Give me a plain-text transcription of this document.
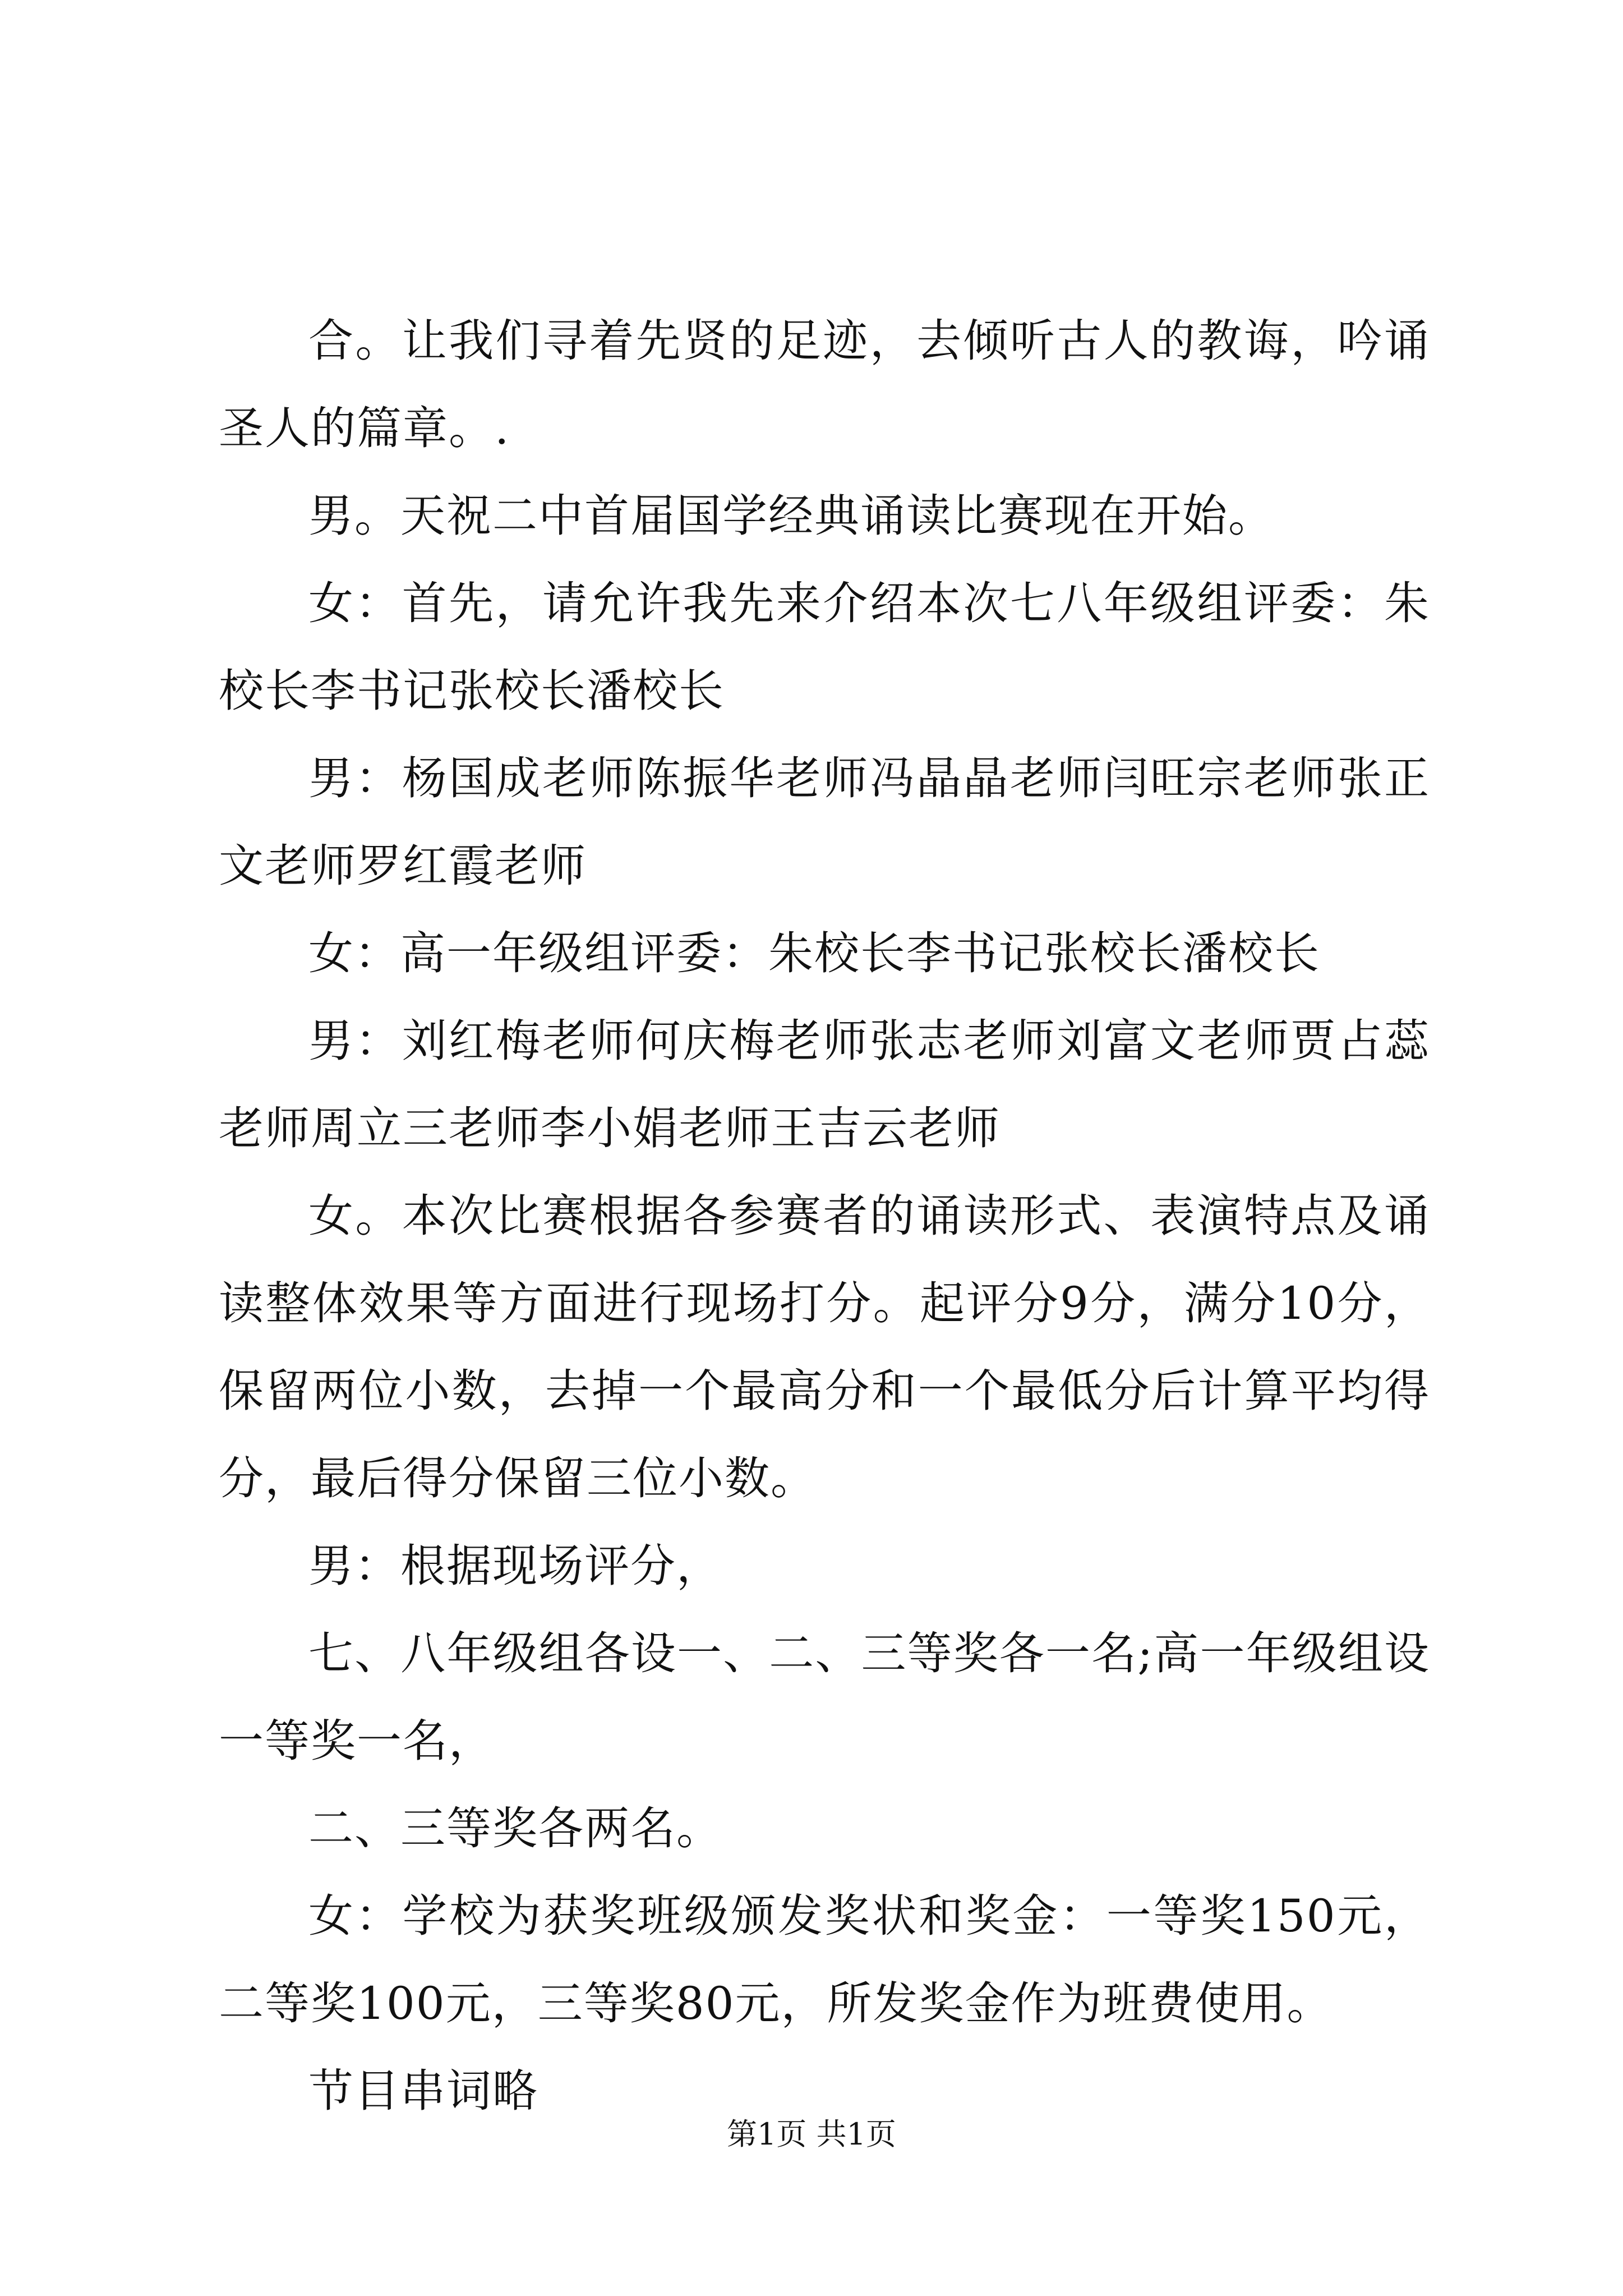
合。让我们寻着先贤的足迹，去倾听古人的教诲，吟诵圣人的篇章。.

男。天祝二中首届国学经典诵读比赛现在开始。

女：首先，请允许我先来介绍本次七八年级组评委：朱校长李书记张校长潘校长

男：杨国成老师陈振华老师冯晶晶老师闫旺宗老师张正文老师罗红霞老师

女：高一年级组评委：朱校长李书记张校长潘校长

男：刘红梅老师何庆梅老师张志老师刘富文老师贾占蕊老师周立三老师李小娟老师王吉云老师

女。本次比赛根据各参赛者的诵读形式、表演特点及诵读整体效果等方面进行现场打分。起评分9分，满分10分，保留两位小数，去掉一个最高分和一个最低分后计算平均得分，最后得分保留三位小数。

男：根据现场评分，

七、八年级组各设一、二、三等奖各一名;高一年级组设一等奖一名，

二、三等奖各两名。

女：学校为获奖班级颁发奖状和奖金：一等奖150元，二等奖100元，三等奖80元，所发奖金作为班费使用。

节目串词略

第1页 共1页
